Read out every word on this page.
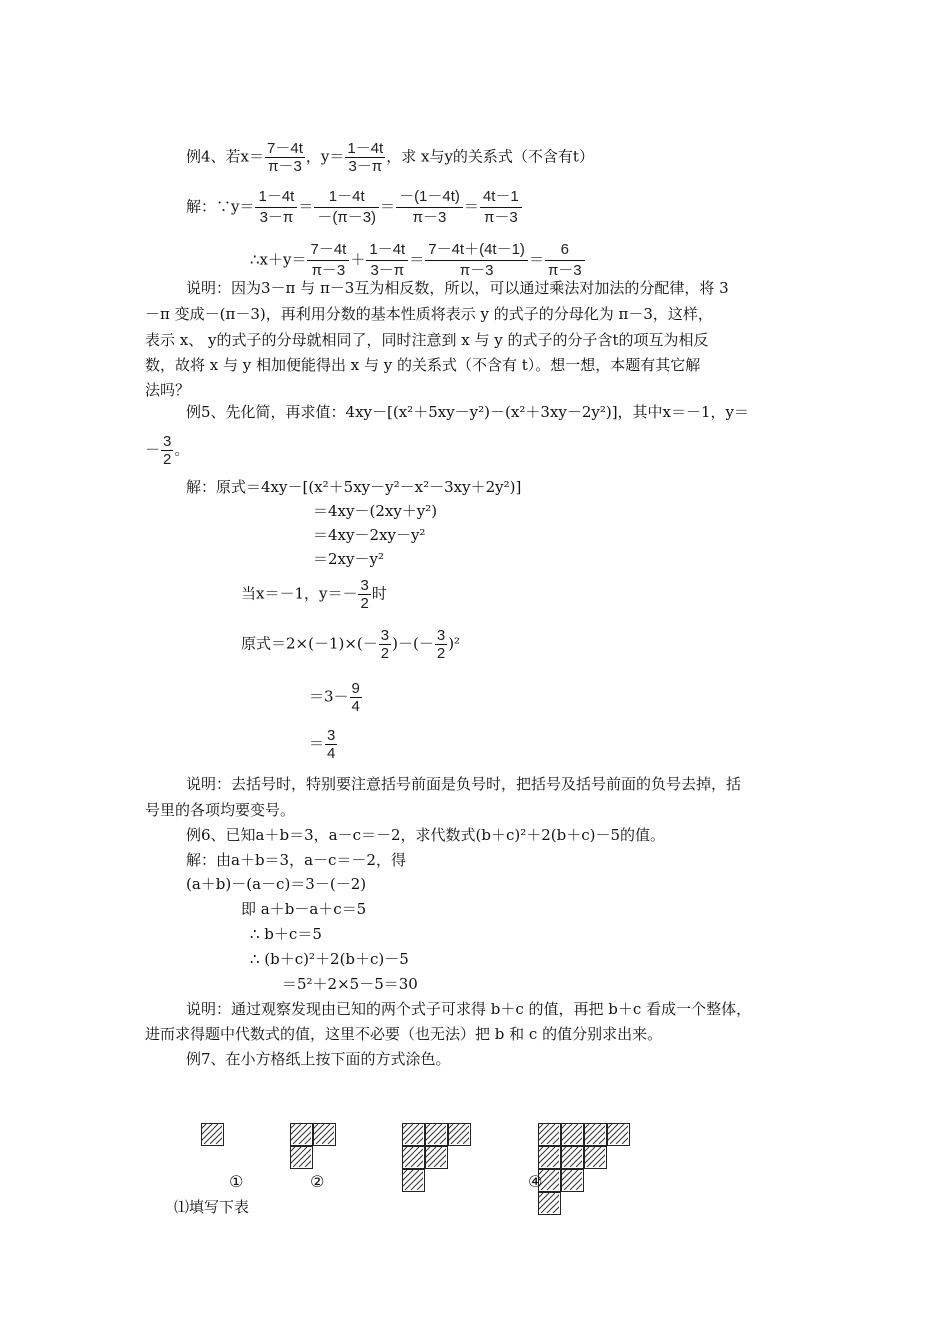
例4、若$x= \frac{7-4t}{\pi-3}$ ，$y= \frac{1-4t}{3-\pi}$ ，求 x与y的关系式（不含有t）
解：∵y＝ $\frac{1-4t}{3-\pi} = \frac{1-4t}{-(\pi-3)} = \frac{-(1-4t)}{\pi-3} = \frac{4t-1}{\pi-3}$
∴x＋y＝ $\frac{7-4t}{\pi-3} + \frac{1-4t}{3-\pi} = \frac{7-4t+(4t-1)}{\pi-3} = \frac{6}{\pi-3}$
说明：因为3－π 与 π－3互为相反数，所以，可以通过乘法对加法的分配律，将 3
－π 变成－(π－3)，再利用分数的基本性质将表示 y 的式子的分母化为 π－3，这样，
表示 x、 y的式子的分母就相同了，同时注意到 x 与 y 的式子的分子含t的项互为相反
数，故将 x 与 y 相加便能得出 x 与 y 的关系式（不含有 t）。想一想，本题有其它解
法吗？
例5、先化简，再求值：4xy－[(x²＋5xy－y²)－(x²＋3xy－2y²)]，其中x＝－1，y＝
－ $\frac{3}{2}$ 。
解：原式＝4xy－[(x²＋5xy－y²－x²－3xy＋2y²)]
＝4xy－(2xy＋y²)
＝4xy－2xy－y²
＝2xy－y²
当x＝－1，$y=- \frac{3}{2}$ 时
原式$=2\times(-1)\times(- \frac{3}{2}$ )－(－ $\frac{3}{2} )^2$
$=3- \frac{9}{4}$
＝ $\frac{3}{4}$
说明：去括号时，特别要注意括号前面是负号时，把括号及括号前面的负号去掉，括
号里的各项均要变号。
例6、已知a＋b＝3，a－c＝－2，求代数式(b＋c)²＋2(b＋c)－5的值。
解：由a＋b＝3，a－c＝－2，得
(a＋b)－(a－c)＝3－(－2)
即 a＋b－a＋c＝5
∴ b＋c＝5
∴ (b＋c)²＋2(b＋c)－5
＝5²＋2×5－5＝30
说明：通过观察发现由已知的两个式子可求得 b＋c 的值，再把 b＋c 看成一个整体，
进而求得题中代数式的值，这里不必要（也无法）把 b 和 c 的值分别求出来。
例7、在小方格纸上按下面的方式涂色。
①	②	④
⑴填写下表
